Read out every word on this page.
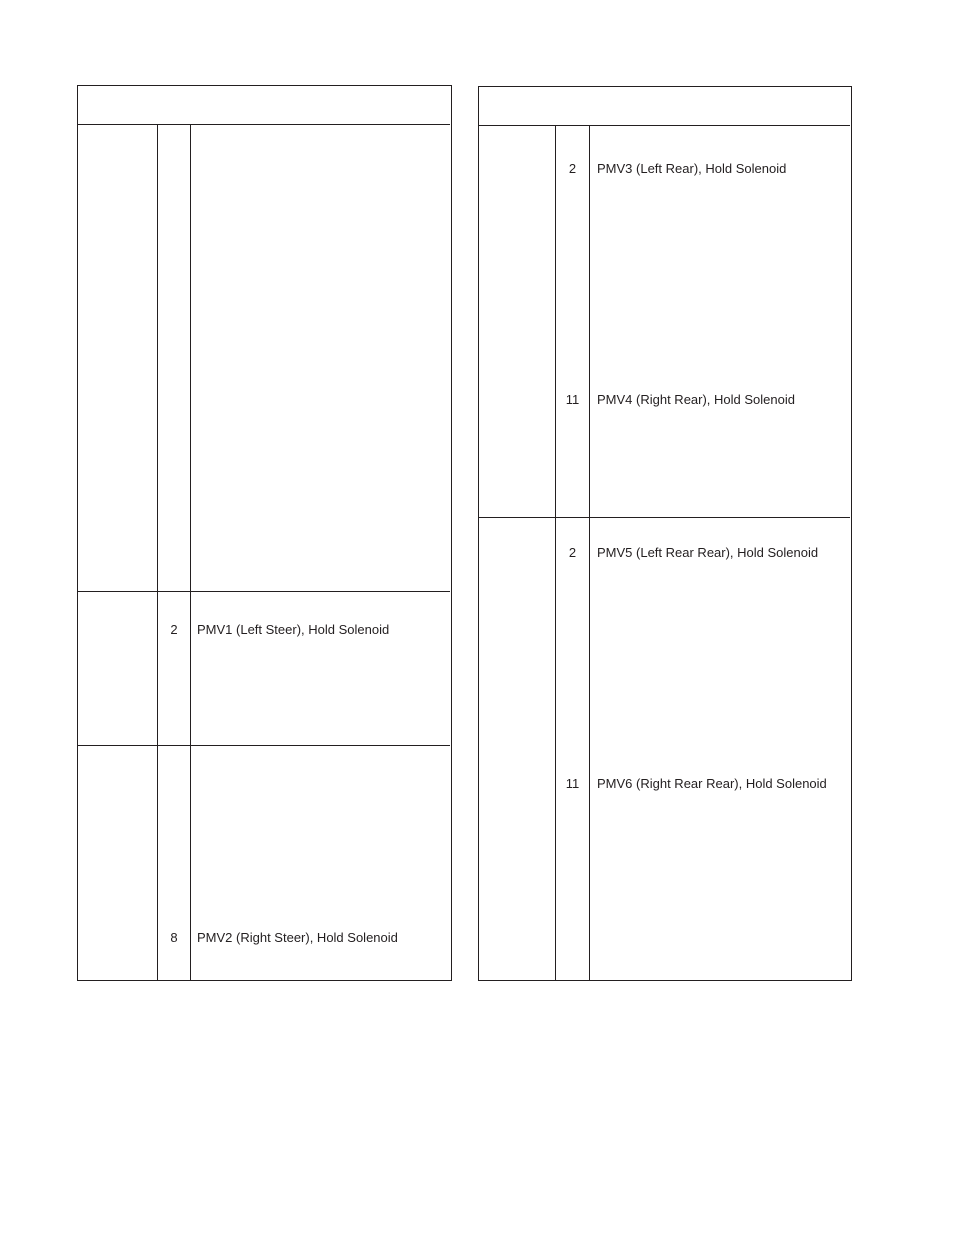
2	PMV1 (Left Steer), Hold Solenoid
8	PMV2 (Right Steer), Hold Solenoid
2	PMV3 (Left Rear), Hold Solenoid
11	PMV4 (Right Rear), Hold Solenoid
2	PMV5 (Left Rear Rear), Hold Solenoid
11	PMV6 (Right Rear Rear), Hold Solenoid
